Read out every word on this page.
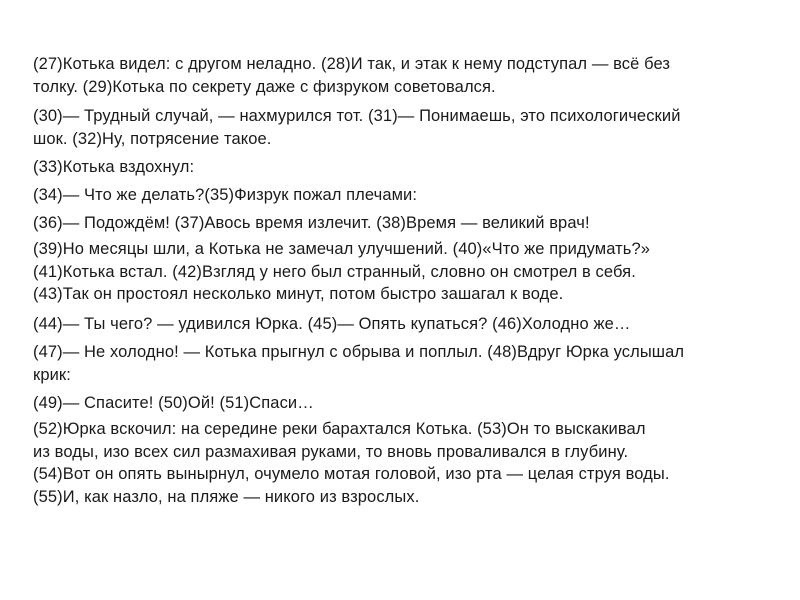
(27)Котька видел: с другом неладно. (28)И так, и этак к нему подступал — всё без
толку. (29)Котька по секрету даже с физруком советовался.

(30)— Трудный случай, — нахмурился тот. (31)— Понимаешь, это психологический
шок. (32)Ну, потрясение такое.

(33)Котька вздохнул:

(34)— Что же делать?(35)Физрук пожал плечами:

(36)— Подождём! (37)Авось время излечит. (38)Время — великий врач!

(39)Но месяцы шли, а Котька не замечал улучшений. (40)«Что же придумать?»
(41)Котька встал. (42)Взгляд у него был странный, словно он смотрел в себя.
(43)Так он простоял несколько минут, потом быстро зашагал к воде.

(44)— Ты чего? — удивился Юрка. (45)— Опять купаться? (46)Холодно же…

(47)— Не холодно! — Котька прыгнул с обрыва и поплыл. (48)Вдруг Юрка услышал
крик:

(49)— Спасите! (50)Ой! (51)Спаси…

(52)Юрка вскочил: на середине реки барахтался Котька. (53)Он то выскакивал
из воды, изо всех сил размахивая руками, то вновь проваливался в глубину.
(54)Вот он опять вынырнул, очумело мотая головой, изо рта — целая струя воды.
(55)И, как назло, на пляже — никого из взрослых.
